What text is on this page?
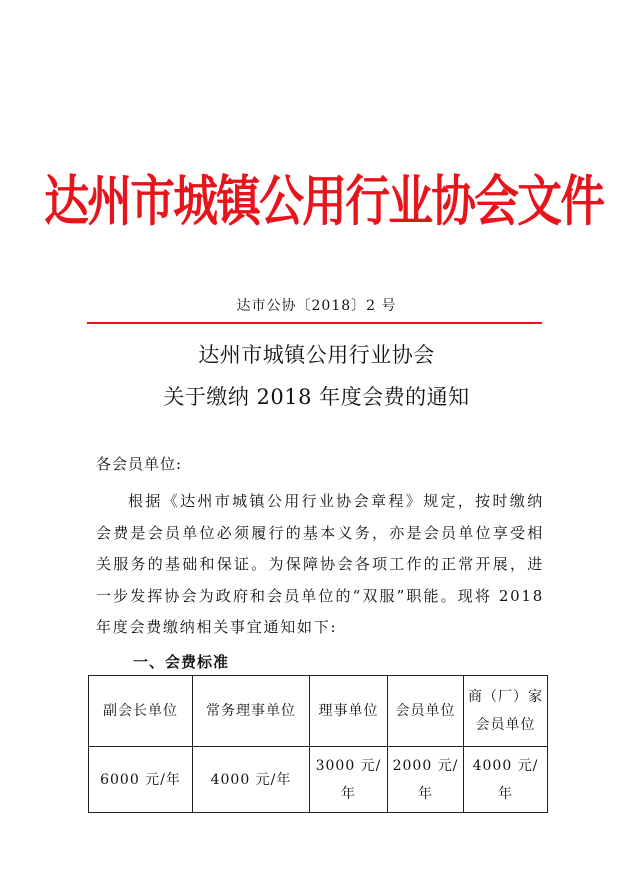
达州市城镇公用行业协会文件
达市公协〔2018〕2 号
达州市城镇公用行业协会
关于缴纳 2018 年度会费的通知
各会员单位:
根据《达州市城镇公用行业协会章程》规定，按时缴纳会费是会员单位必须履行的基本义务，亦是会员单位享受相关服务的基础和保证。为保障协会各项工作的正常开展，进一步发挥协会为政府和会员单位的“双服”职能。现将 2018 年度会费缴纳相关事宜通知如下:
一、会费标准
副会长单位	常务理事单位	理事单位	会员单位	商（厂）家会员单位
6000 元/年	4000 元/年	3000 元/年	2000 元/年	4000 元/年
